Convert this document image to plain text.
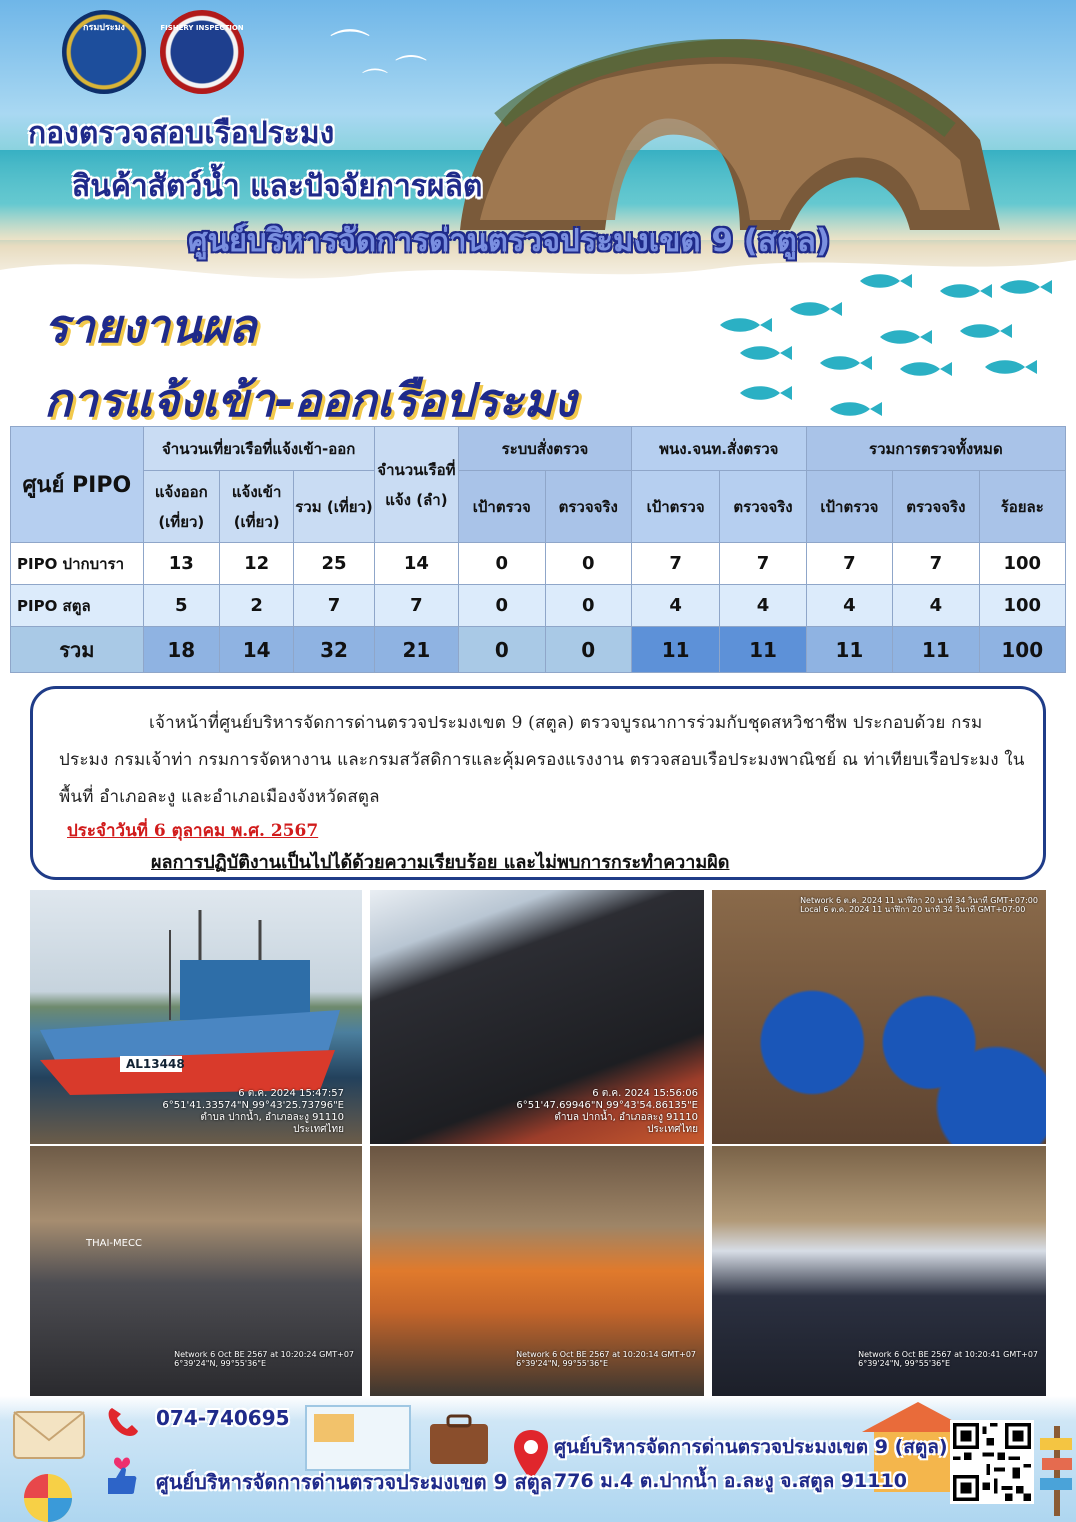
⌒ ⌒
⌒
กรมประมง	FISHERY INSPECTION
กองตรวจสอบเรือประมง
สินค้าสัตว์น้ำ และปัจจัยการผลิต
ศูนย์บริหารจัดการด่านตรวจประมงเขต 9 (สตูล)
รายงานผล
การแจ้งเข้า-ออกเรือประมง
ศูนย์ PIPO	จำนวนเที่ยวเรือที่แจ้งเข้า-ออก			จำนวนเรือที่แจ้ง (ลำ)	ระบบสั่งตรวจ		พนง.จนท.สั่งตรวจ		รวมการตรวจทั้งหมด		
	แจ้งออก (เที่ยว)	แจ้งเข้า (เที่ยว)	รวม (เที่ยว)		เป้าตรวจ	ตรวจจริง	เป้าตรวจ	ตรวจจริง	เป้าตรวจ	ตรวจจริง	ร้อยละ
PIPO ปากบารา	13	12	25	14	0	0	7	7	7	7	100
PIPO สตูล	5	2	7	7	0	0	4	4	4	4	100
รวม	18	14	32	21	0	0	11	11	11	11	100
เจ้าหน้าที่ศูนย์บริหารจัดการด่านตรวจประมงเขต 9 (สตูล) ตรวจบูรณาการร่วมกับชุดสหวิชาชีพ ประกอบด้วย กรมประมง กรมเจ้าท่า กรมการจัดหางาน และกรมสวัสดิการและคุ้มครองแรงงาน ตรวจสอบเรือประมงพาณิชย์ ณ ท่าเทียบเรือประมง ในพื้นที่ อำเภอละงู และอำเภอเมืองจังหวัดสตูล
ประจำวันที่ 6 ตุลาคม พ.ศ. 2567
ผลการปฏิบัติงานเป็นไปได้ด้วยความเรียบร้อย และไม่พบการกระทำความผิด
AL13448
6 ต.ค. 2024 15:47:57
6°51'41.33574"N 99°43'25.73796"E
ตำบล ปากน้ำ, อำเภอละงู 91110
ประเทศไทย
6 ต.ค. 2024 15:56:06
6°51'47.69946"N 99°43'54.86135"E
ตำบล ปากน้ำ, อำเภอละงู 91110
ประเทศไทย
Network 6 ต.ค. 2024 11 นาฬิกา 20 นาที 34 วินาที GMT+07:00
Local 6 ต.ค. 2024 11 นาฬิกา 20 นาที 34 วินาที GMT+07:00
THAI-MECC
Network 6 Oct BE 2567 at 10:20:24 GMT+07
6°39'24"N, 99°55'36"E
Network 6 Oct BE 2567 at 10:20:14 GMT+07
6°39'24"N, 99°55'36"E
Network 6 Oct BE 2567 at 10:20:41 GMT+07
6°39'24"N, 99°55'36"E
074-740695
ศูนย์บริหารจัดการด่านตรวจประมงเขต 9 สตูล
ศูนย์บริหารจัดการด่านตรวจประมงเขต 9 (สตูล)
776 ม.4 ต.ปากน้ำ อ.ละงู จ.สตูล 91110
